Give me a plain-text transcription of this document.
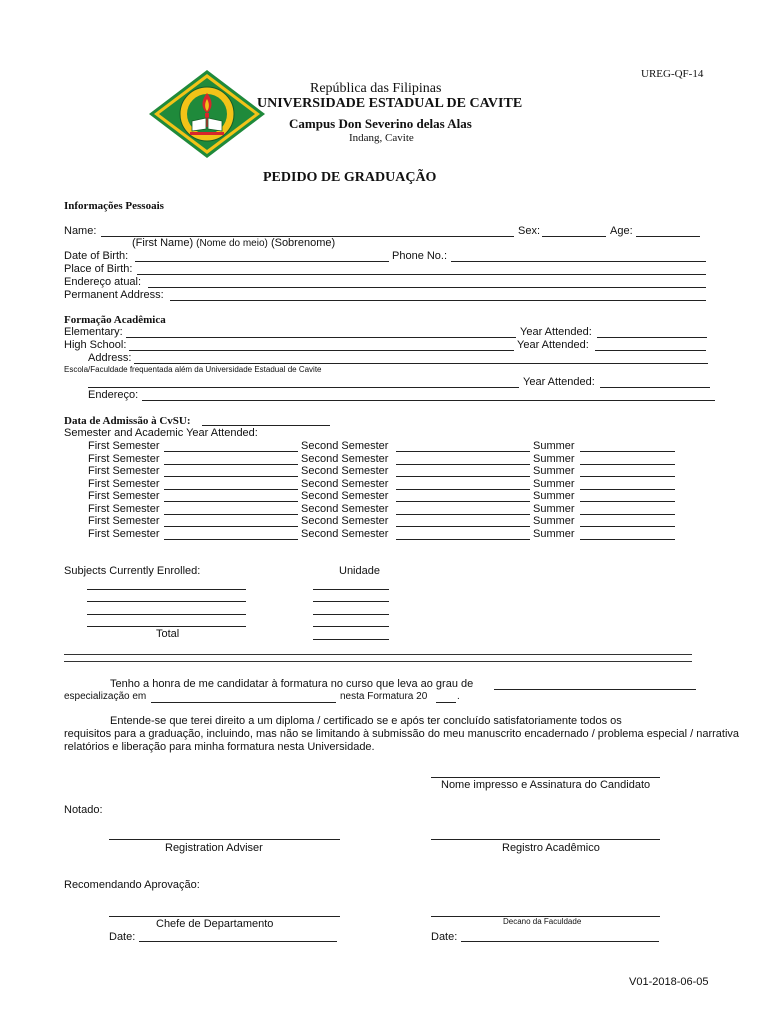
UREG-QF-14
República das Filipinas
UNIVERSIDADE ESTADUAL DE CAVITE
Campus Don Severino delas Alas
Indang, Cavite
PEDIDO DE GRADUAÇÃO
Informações Pessoais
Name:	Sex:	Age:
(First Name) (Nome do meio) (Sobrenome)
Date of Birth:	Phone No.:
Place of Birth:
Endereço atual:
Permanent Address:
Formação Acadêmica
Elementary:	Year Attended:
High School:	Year Attended:
Address:
Escola/Faculdade frequentada além da Universidade Estadual de Cavite
Year Attended:
Endereço:
Data de Admissão à CvSU:
Semester and Academic Year Attended:
First Semester	Second Semester	Summer
First Semester	Second Semester	Summer
First Semester	Second Semester	Summer
First Semester	Second Semester	Summer
First Semester	Second Semester	Summer
First Semester	Second Semester	Summer
First Semester	Second Semester	Summer
First Semester	Second Semester	Summer
Subjects Currently Enrolled:	Unidade
Total
Tenho a honra de me candidatar à formatura no curso que leva ao grau de
especialização em	nesta Formatura 20	.
Entende-se que terei direito a um diploma / certificado se e após ter concluído satisfatoriamente todos os
requisitos para a graduação, incluindo, mas não se limitando à submissão do meu manuscrito encadernado / problema especial / narrativa
relatórios e liberação para minha formatura nesta Universidade.
Nome impresso e Assinatura do Candidato
Notado:
Registration Adviser	Registro Acadêmico
Recomendando Aprovação:
Chefe de Departamento	Decano da Faculdade
Date:	Date:
V01-2018-06-05
